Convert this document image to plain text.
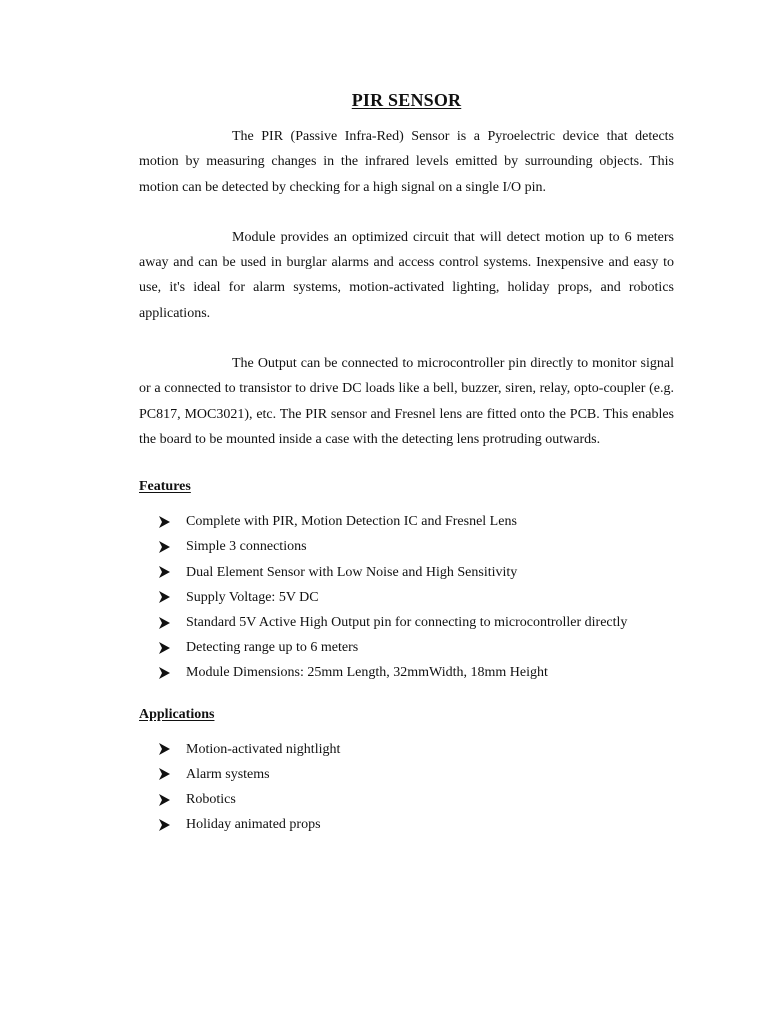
PIR SENSOR

The PIR (Passive Infra-Red) Sensor is a Pyroelectric device that detects motion by measuring changes in the infrared levels emitted by surrounding objects. This motion can be detected by checking for a high signal on a single I/O pin.

Module provides an optimized circuit that will detect motion up to 6 meters away and can be used in burglar alarms and access control systems. Inexpensive and easy to use, it's ideal for alarm systems, motion-activated lighting, holiday props, and robotics applications.

The Output can be connected to microcontroller pin directly to monitor signal or a connected to transistor to drive DC loads like a bell, buzzer, siren, relay, opto-coupler (e.g. PC817, MOC3021), etc. The PIR sensor and Fresnel lens are fitted onto the PCB. This enables the board to be mounted inside a case with the detecting lens protruding outwards.

Features
Complete with PIR, Motion Detection IC and Fresnel Lens
Simple 3 connections
Dual Element Sensor with Low Noise and High Sensitivity
Supply Voltage: 5V DC
Standard 5V Active High Output pin for connecting to microcontroller directly
Detecting range up to 6 meters
Module Dimensions: 25mm Length, 32mmWidth, 18mm Height
Applications
Motion-activated nightlight
Alarm systems
Robotics
Holiday animated props
